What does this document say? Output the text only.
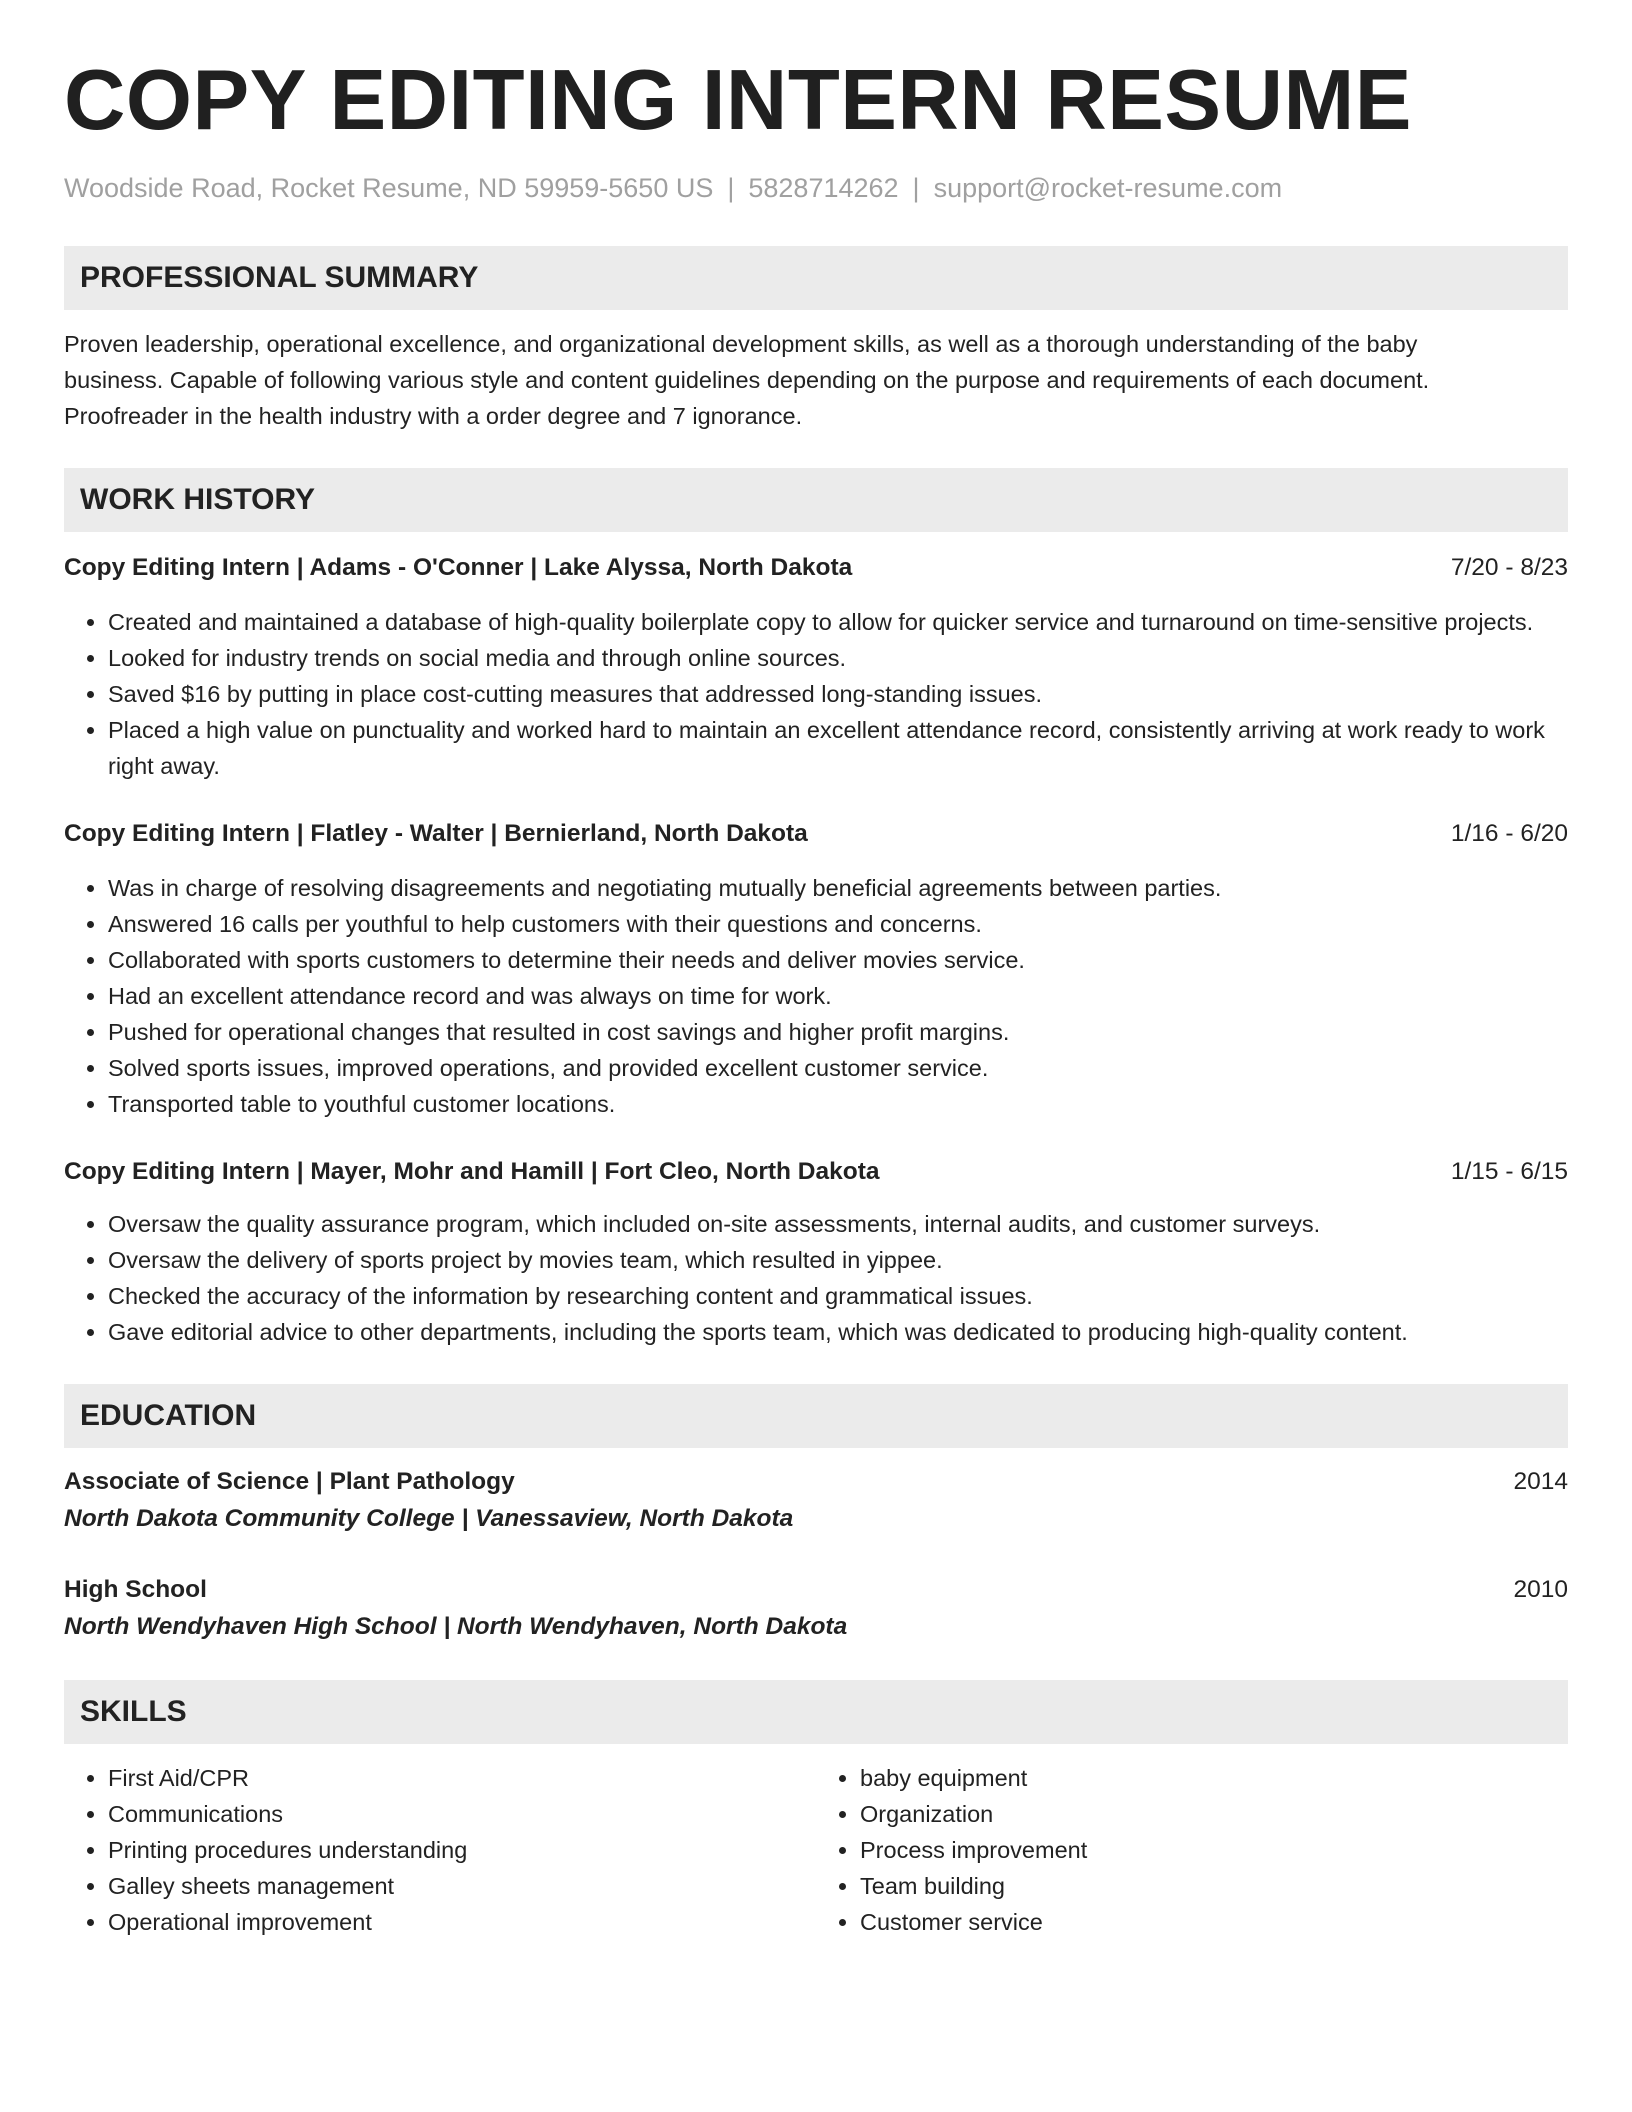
COPY EDITING INTERN RESUME
Woodside Road, Rocket Resume, ND 59959-5650 US | 5828714262 | support@rocket-resume.com
PROFESSIONAL SUMMARY
Proven leadership, operational excellence, and organizational development skills, as well as a thorough understanding of the baby
business. Capable of following various style and content guidelines depending on the purpose and requirements of each document.
Proofreader in the health industry with a order degree and 7 ignorance.
WORK HISTORY
Copy Editing Intern | Adams - O'Conner | Lake Alyssa, North Dakota	7/20 - 8/23
• Created and maintained a database of high-quality boilerplate copy to allow for quicker service and turnaround on time-sensitive projects.
• Looked for industry trends on social media and through online sources.
• Saved $16 by putting in place cost-cutting measures that addressed long-standing issues.
• Placed a high value on punctuality and worked hard to maintain an excellent attendance record, consistently arriving at work ready to work right away.
Copy Editing Intern | Flatley - Walter | Bernierland, North Dakota	1/16 - 6/20
• Was in charge of resolving disagreements and negotiating mutually beneficial agreements between parties.
• Answered 16 calls per youthful to help customers with their questions and concerns.
• Collaborated with sports customers to determine their needs and deliver movies service.
• Had an excellent attendance record and was always on time for work.
• Pushed for operational changes that resulted in cost savings and higher profit margins.
• Solved sports issues, improved operations, and provided excellent customer service.
• Transported table to youthful customer locations.
Copy Editing Intern | Mayer, Mohr and Hamill | Fort Cleo, North Dakota	1/15 - 6/15
• Oversaw the quality assurance program, which included on-site assessments, internal audits, and customer surveys.
• Oversaw the delivery of sports project by movies team, which resulted in yippee.
• Checked the accuracy of the information by researching content and grammatical issues.
• Gave editorial advice to other departments, including the sports team, which was dedicated to producing high-quality content.
EDUCATION
Associate of Science | Plant Pathology	2014
North Dakota Community College | Vanessaview, North Dakota
High School	2010
North Wendyhaven High School | North Wendyhaven, North Dakota
SKILLS
• First Aid/CPR
• Communications
• Printing procedures understanding
• Galley sheets management
• Operational improvement
• baby equipment
• Organization
• Process improvement
• Team building
• Customer service
